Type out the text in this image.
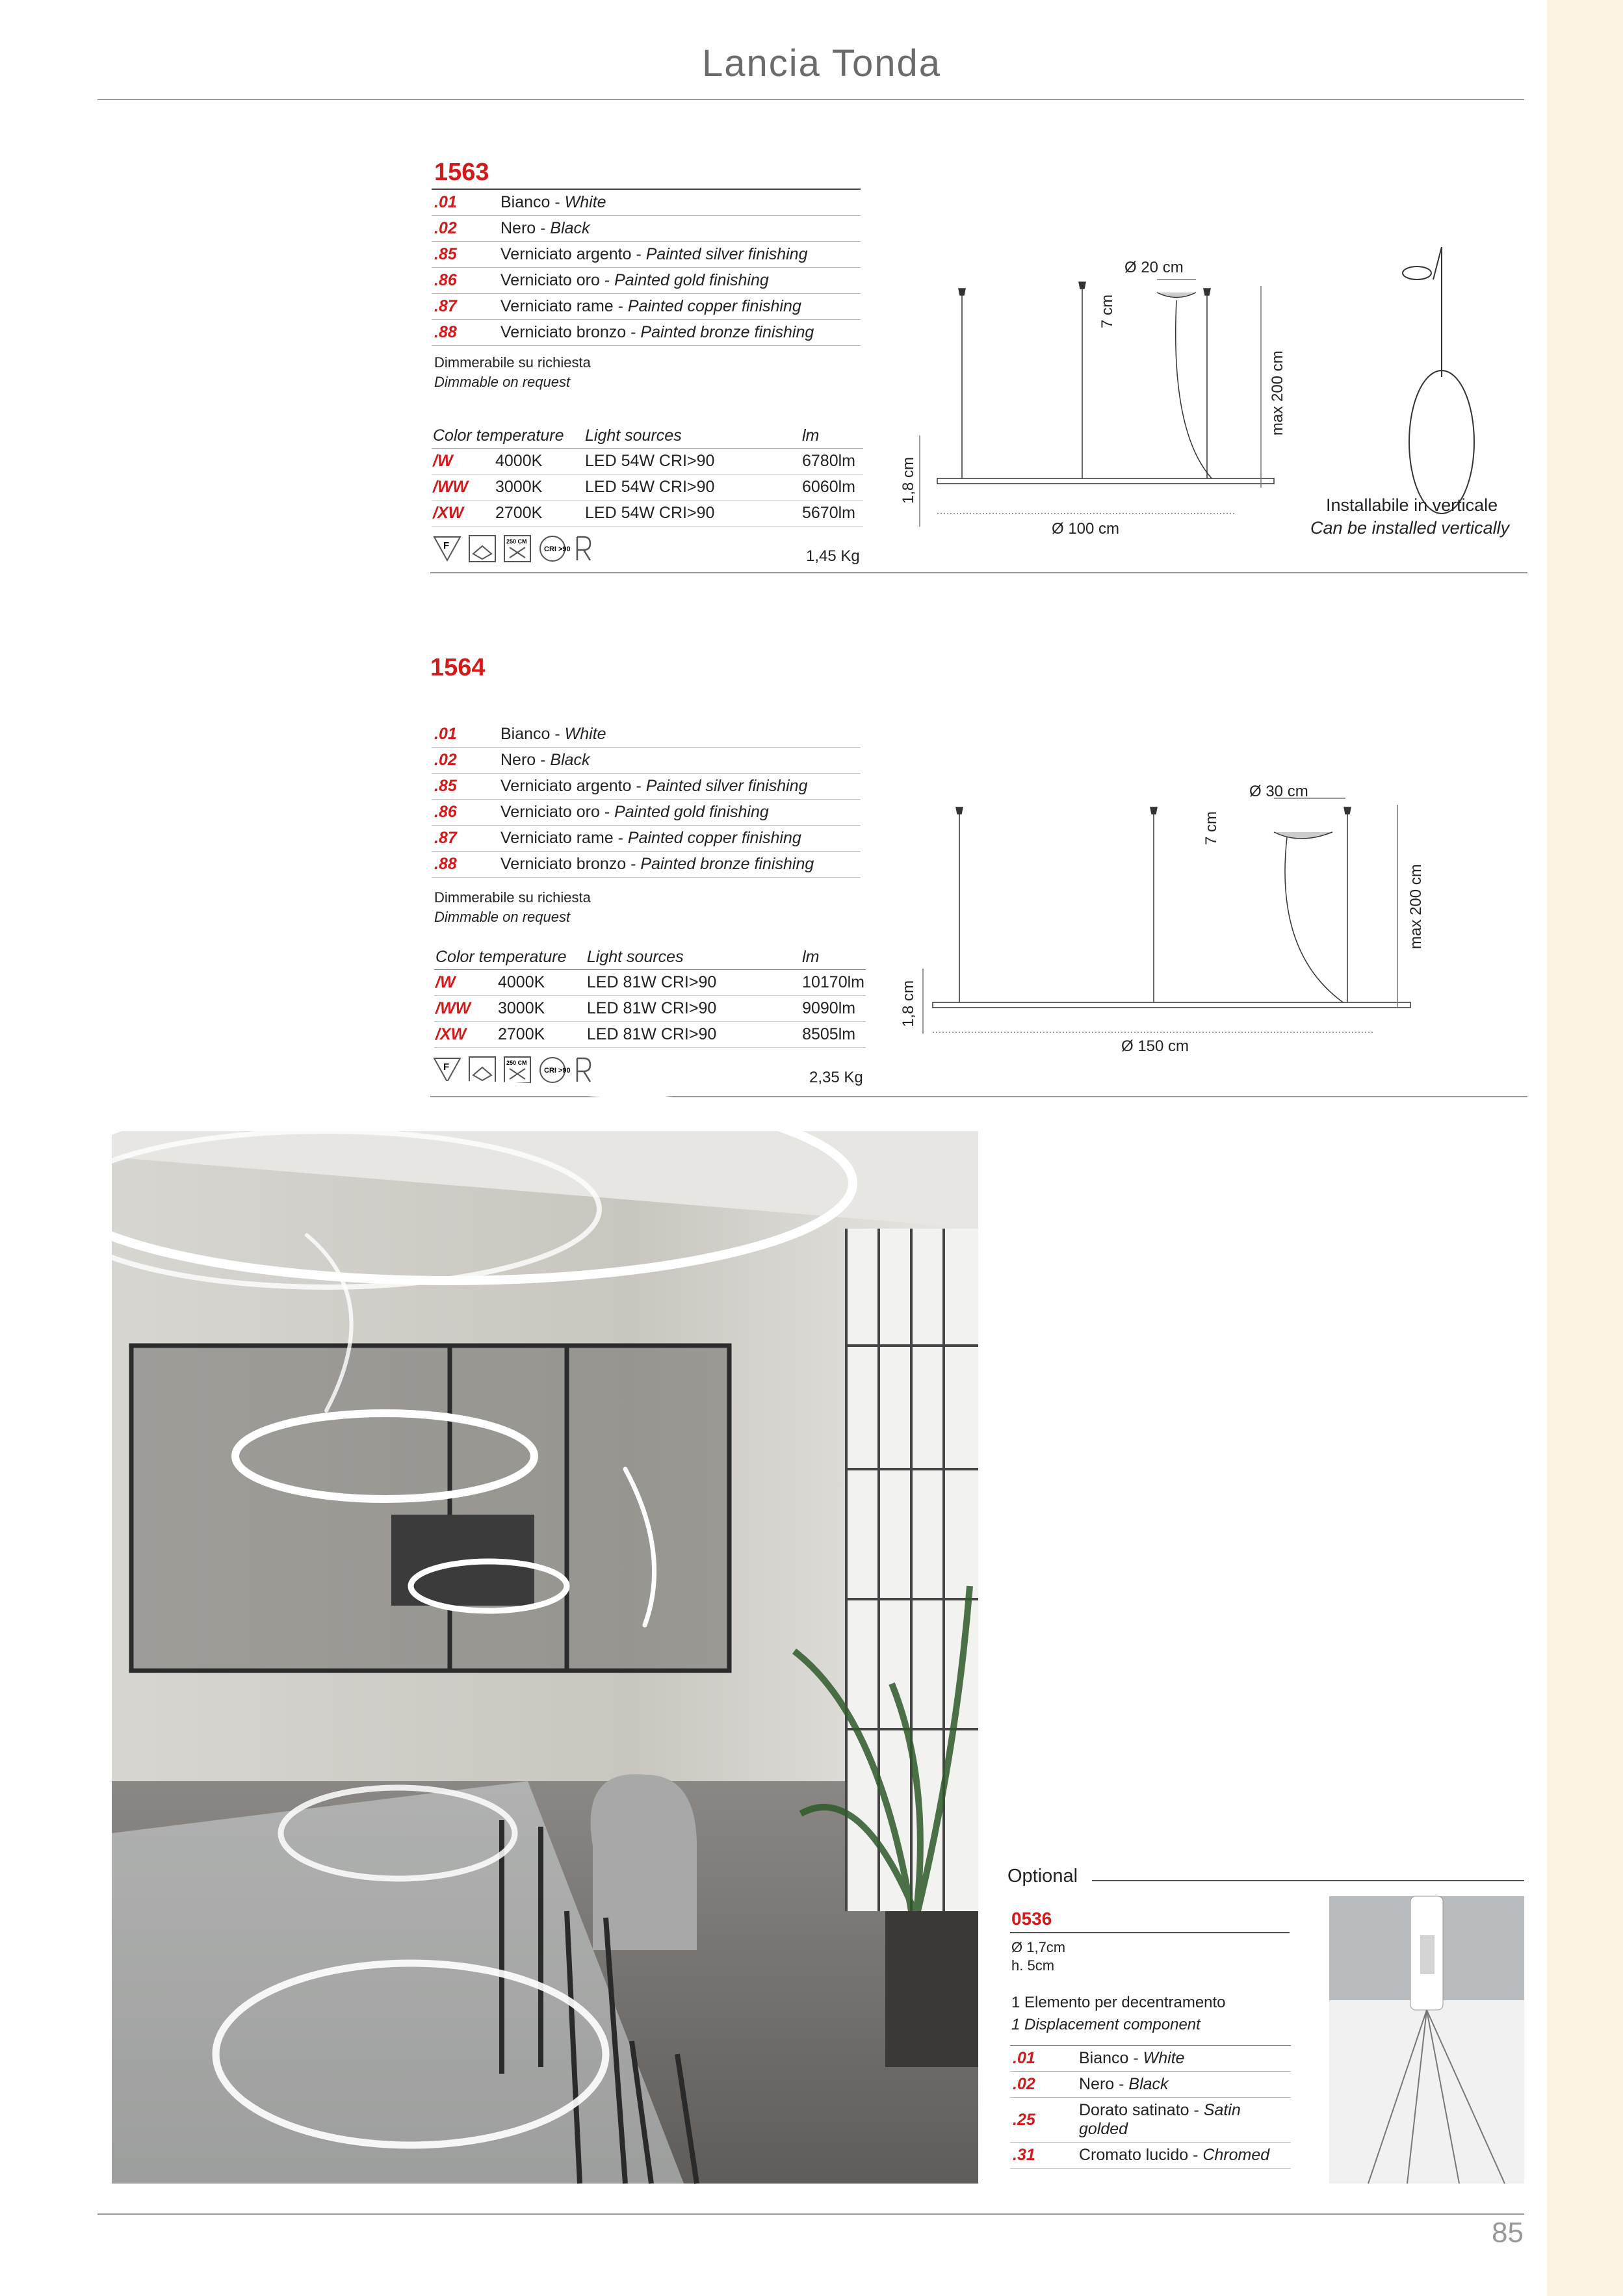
Lancia Tonda
1563
.01	Bianco - White
.02	Nero - Black
.85	Verniciato argento - Painted silver finishing
.86	Verniciato oro - Painted gold finishing
.87	Verniciato rame - Painted copper finishing
.88	Verniciato bronzo - Painted bronze finishing
Dimmerabile su richiesta
Dimmable on request
Color temperature	Light sources	lm
/W 4000K	LED 54W CRI>90	6780lm
/WW 3000K	LED 54W CRI>90	6060lm
/XW 2700K	LED 54W CRI>90	5670lm
F	250 CM
CRI >90	1,45 Kg
Ø 20 cm
7 cm
max 200 cm
1,8 cm
Ø 100 cm
Installabile in verticale
Can be installed vertically
1564
.01	Bianco - White
.02	Nero - Black
.85	Verniciato argento - Painted silver finishing
.86	Verniciato oro - Painted gold finishing
.87	Verniciato rame - Painted copper finishing
.88	Verniciato bronzo - Painted bronze finishing
Dimmerabile su richiesta
Dimmable on request
Color temperature	Light sources	lm
/W 4000K	LED 81W CRI>90	10170lm
/WW 3000K	LED 81W CRI>90	9090lm
/XW 2700K	LED 81W CRI>90	8505lm
F	250 CM
CRI >90	2,35 Kg
Ø 30 cm
7 cm
max 200 cm
1,8 cm
Ø 150 cm
Optional
0536
Ø 1,7cm
h. 5cm
1 Elemento per decentramento
1 Displacement component
.01	Bianco - White
.02	Nero - Black
.25	Dorato satinato - Satin golded
.31	Cromato lucido - Chromed
85
